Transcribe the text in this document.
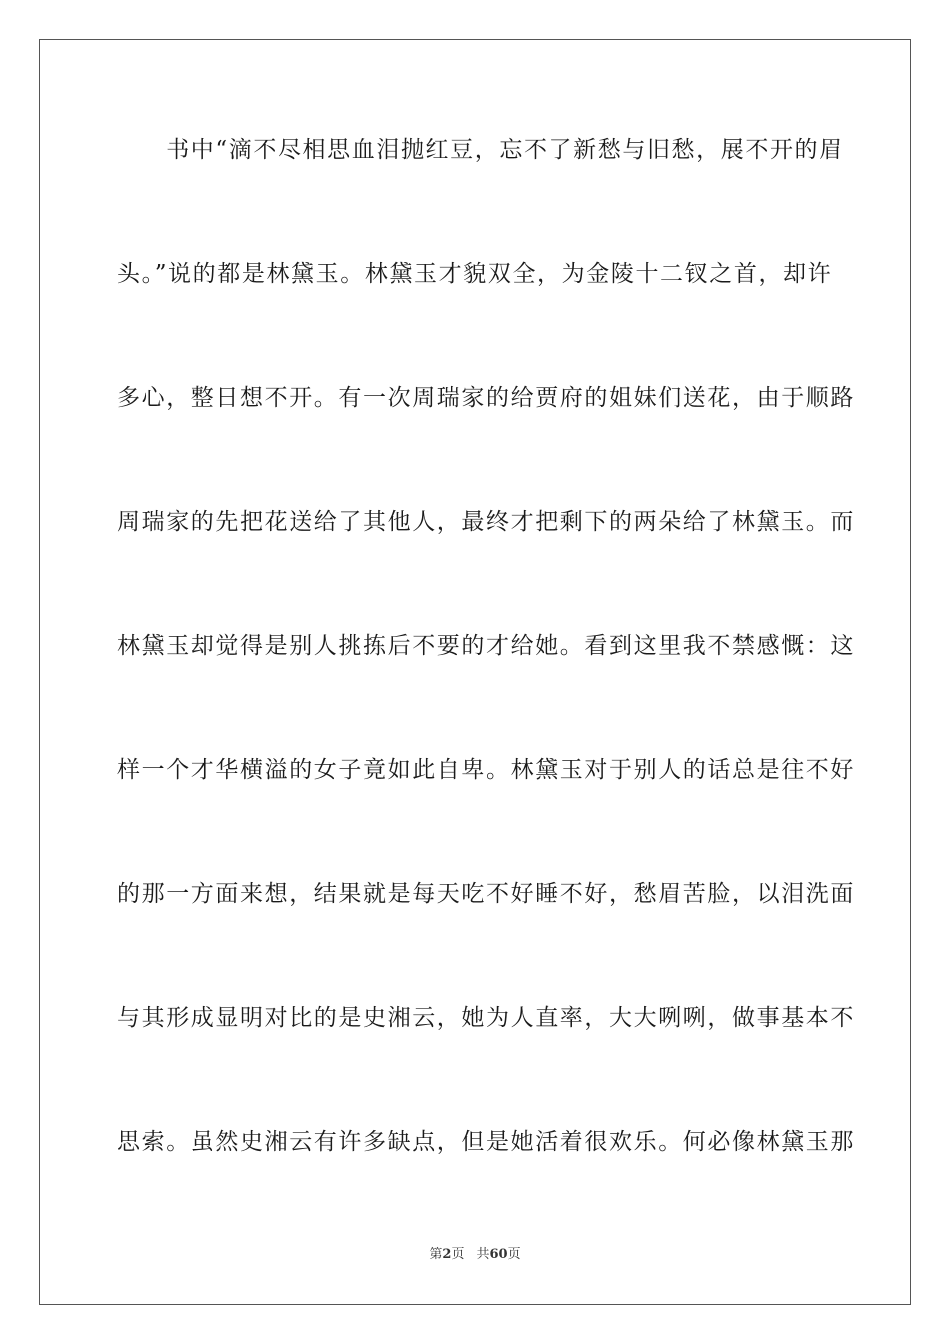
　　书中“滴不尽相思血泪抛红豆，忘不了新愁与旧愁，展不开的眉
头。”说的都是林黛玉。林黛玉才貌双全，为金陵十二钗之首，却许
多心，整日想不开。有一次周瑞家的给贾府的姐妹们送花，由于顺路
周瑞家的先把花送给了其他人，最终才把剩下的两朵给了林黛玉。而
林黛玉却觉得是别人挑拣后不要的才给她。看到这里我不禁感慨：这
样一个才华横溢的女子竟如此自卑。林黛玉对于别人的话总是往不好
的那一方面来想，结果就是每天吃不好睡不好，愁眉苦脸，以泪洗面
与其形成显明对比的是史湘云，她为人直率，大大咧咧，做事基本不
思索。虽然史湘云有许多缺点，但是她活着很欢乐。何必像林黛玉那
第2页 共60页
